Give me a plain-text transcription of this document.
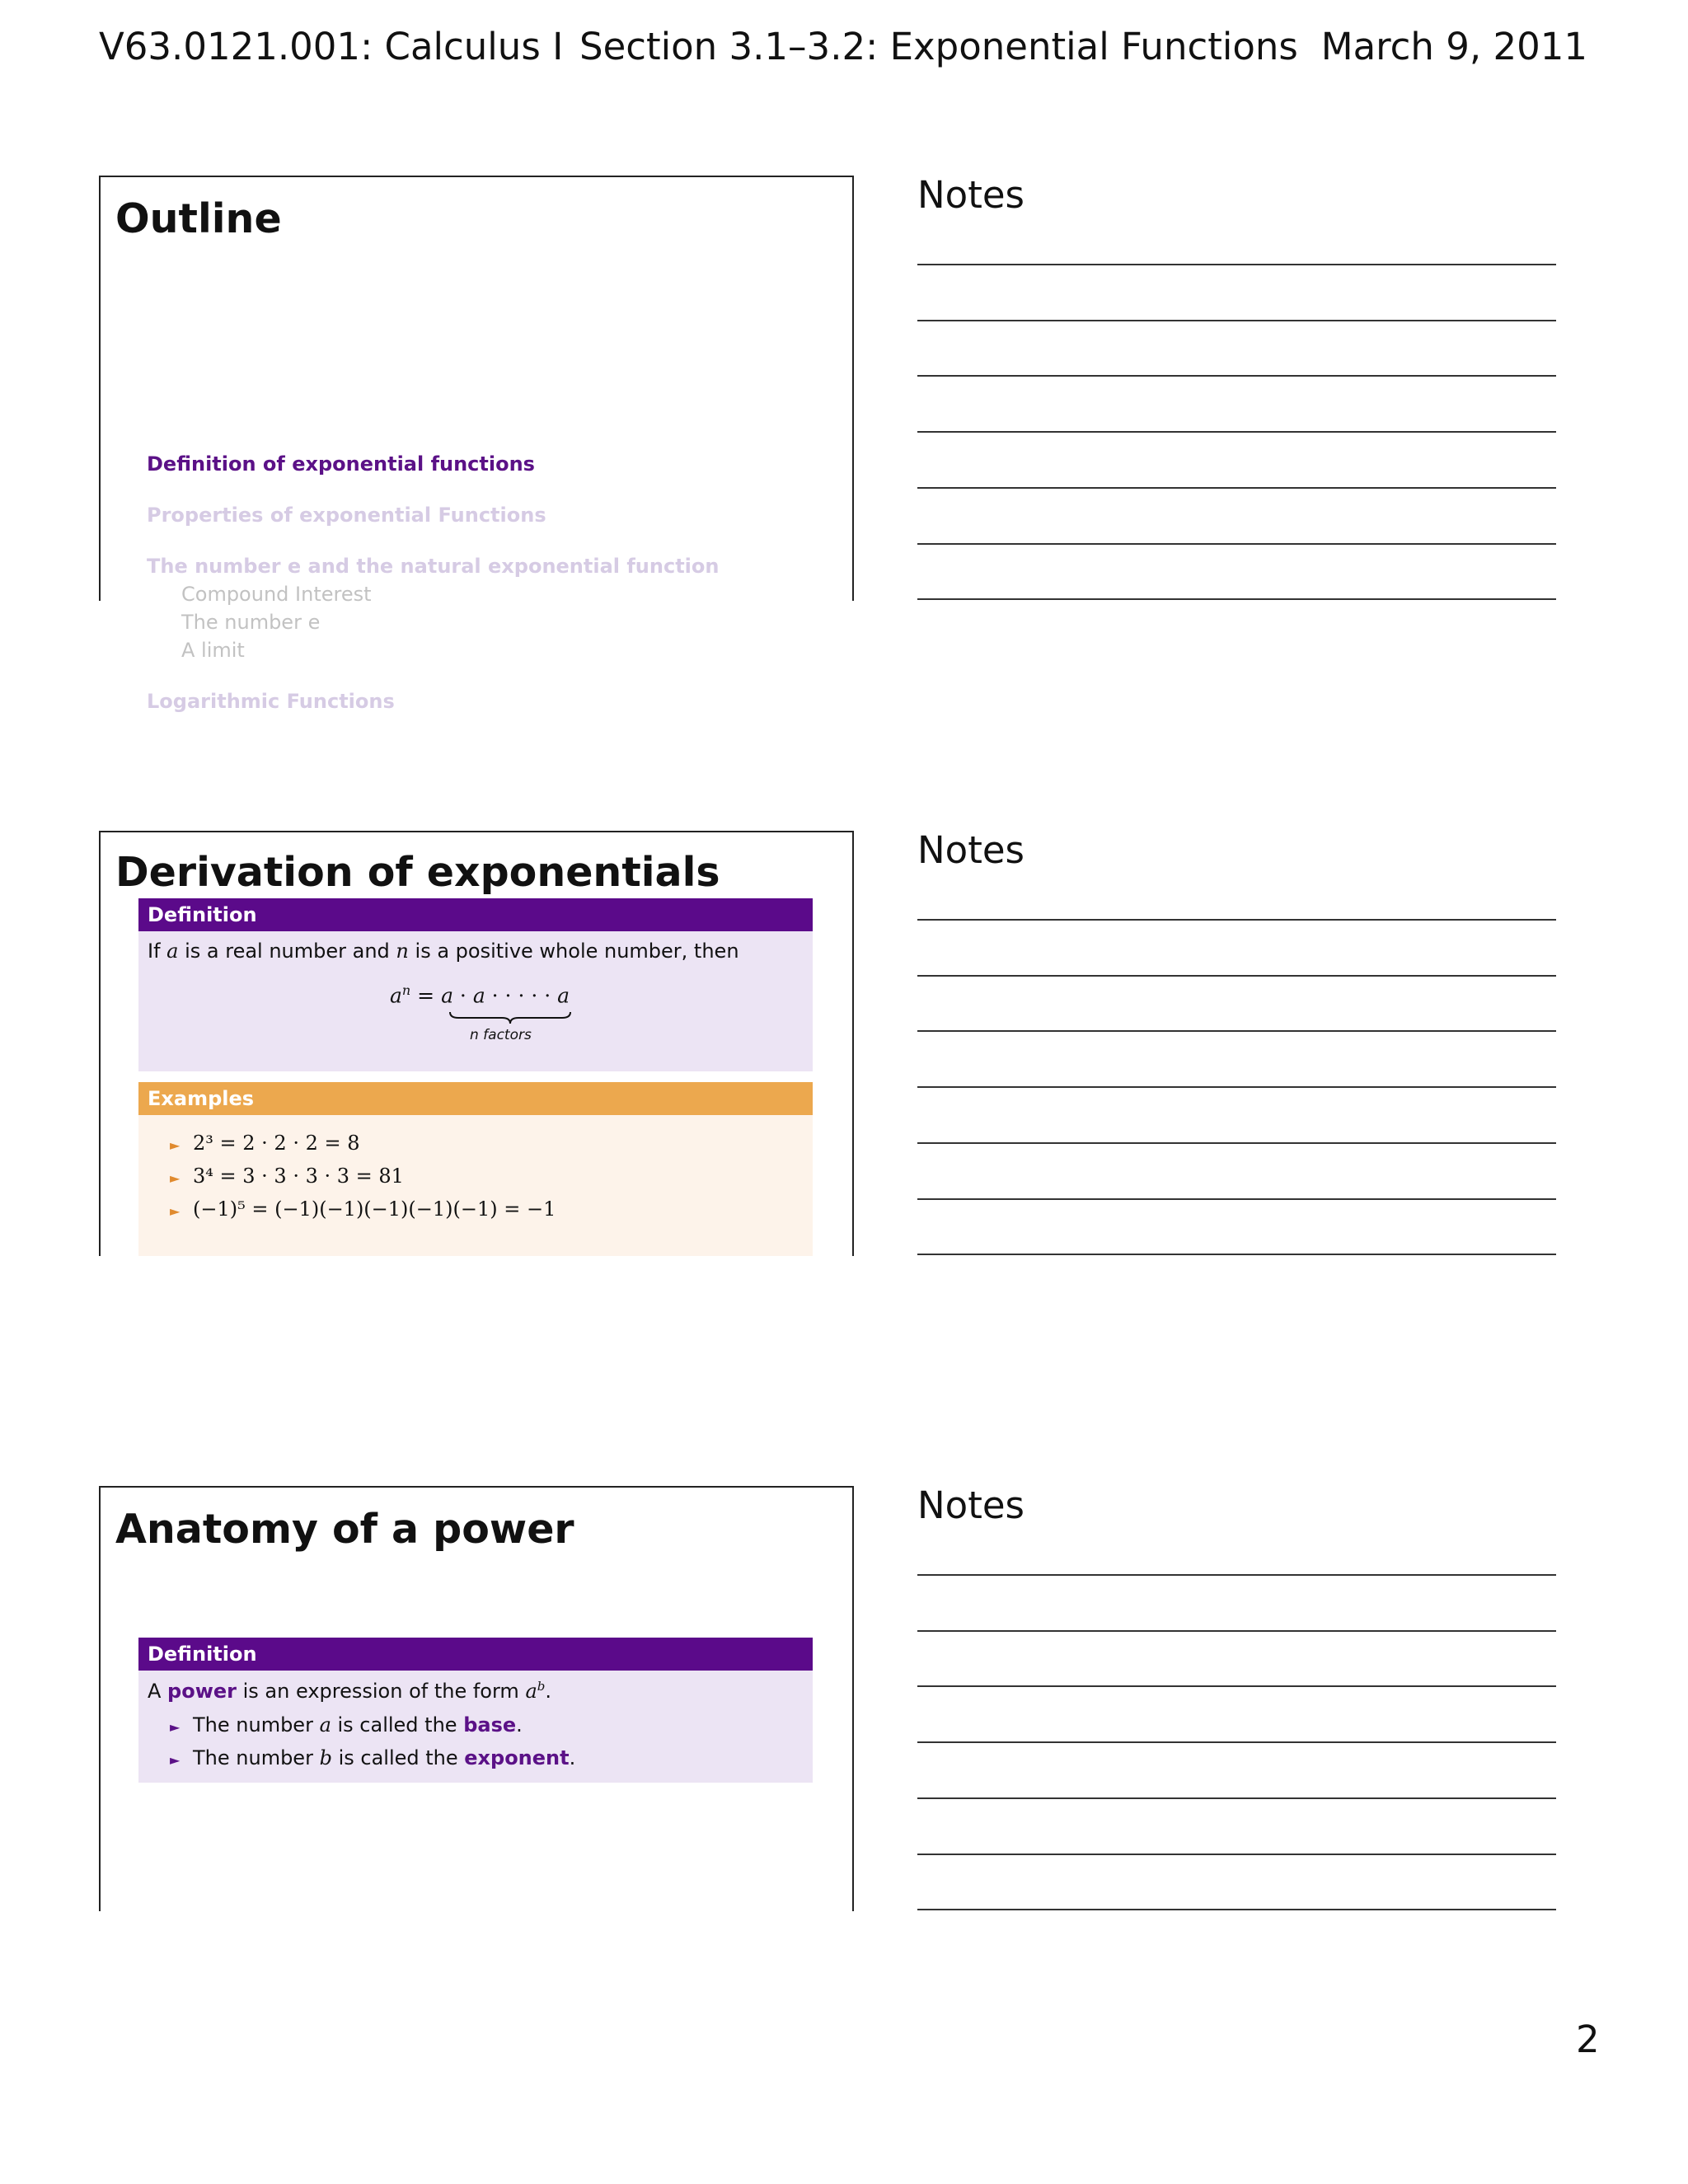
V63.0121.001: Calculus I Section 3.1–3.2: Exponential Functions March 9, 2011
Outline
Definition of exponential functions
Properties of exponential Functions
The number e and the natural exponential function
Compound Interest
The number e
A limit
Logarithmic Functions
Derivation of exponentials
Definition
If a is a real number and n is a positive whole number, then
$a^n = a \cdot a$ · · · · · a
n factors
Examples
► 2³ = 2 · 2 · 2 = 8
► 3⁴ = 3 · 3 · 3 · 3 = 81
► (−1)⁵ = (−1)(−1)(−1)(−1)(−1) = −1
Anatomy of a power
Definition
A power is an expression of the form $a^b$.
► The number a is called the base.
► The number b is called the exponent.
Notes
Notes
Notes
2
